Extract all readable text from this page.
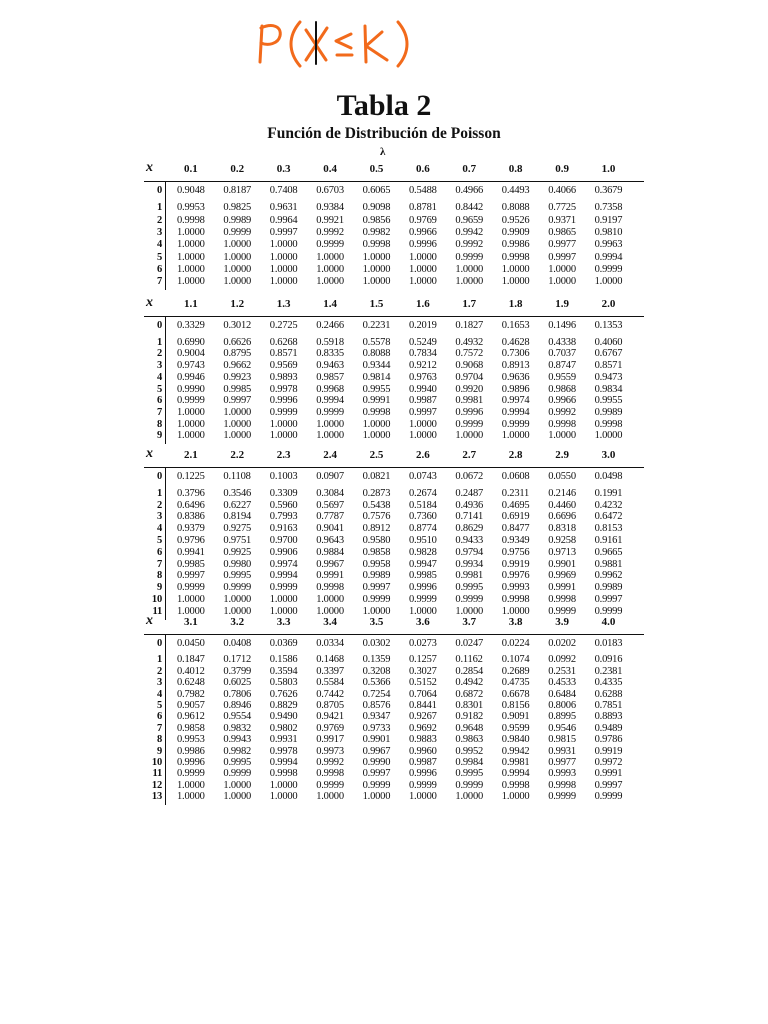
Tabla 2
Función de Distribución de Poisson
λ
x	0.1	0.2	0.3	0.4	0.5	0.6	0.7	0.8	0.9	1.0
0 0.9048 0.8187 0.7408 0.6703 0.6065 0.5488 0.4966 0.4493 0.4066 0.3679
1 0.9953 0.9825 0.9631 0.9384 0.9098 0.8781 0.8442 0.8088 0.7725 0.7358
2 0.9998 0.9989 0.9964 0.9921 0.9856 0.9769 0.9659 0.9526 0.9371 0.9197
3 1.0000 0.9999 0.9997 0.9992 0.9982 0.9966 0.9942 0.9909 0.9865 0.9810
4 1.0000 1.0000 1.0000 0.9999 0.9998 0.9996 0.9992 0.9986 0.9977 0.9963
5 1.0000 1.0000 1.0000 1.0000 1.0000 1.0000 0.9999 0.9998 0.9997 0.9994
6 1.0000 1.0000 1.0000 1.0000 1.0000 1.0000 1.0000 1.0000 1.0000 0.9999
7 1.0000 1.0000 1.0000 1.0000 1.0000 1.0000 1.0000 1.0000 1.0000 1.0000
x	1.1	1.2	1.3	1.4	1.5	1.6	1.7	1.8	1.9	2.0
0 0.3329 0.3012 0.2725 0.2466 0.2231 0.2019 0.1827 0.1653 0.1496 0.1353
1 0.6990 0.6626 0.6268 0.5918 0.5578 0.5249 0.4932 0.4628 0.4338 0.4060
2 0.9004 0.8795 0.8571 0.8335 0.8088 0.7834 0.7572 0.7306 0.7037 0.6767
3 0.9743 0.9662 0.9569 0.9463 0.9344 0.9212 0.9068 0.8913 0.8747 0.8571
4 0.9946 0.9923 0.9893 0.9857 0.9814 0.9763 0.9704 0.9636 0.9559 0.9473
5 0.9990 0.9985 0.9978 0.9968 0.9955 0.9940 0.9920 0.9896 0.9868 0.9834
6 0.9999 0.9997 0.9996 0.9994 0.9991 0.9987 0.9981 0.9974 0.9966 0.9955
7 1.0000 1.0000 0.9999 0.9999 0.9998 0.9997 0.9996 0.9994 0.9992 0.9989
8 1.0000 1.0000 1.0000 1.0000 1.0000 1.0000 0.9999 0.9999 0.9998 0.9998
9 1.0000 1.0000 1.0000 1.0000 1.0000 1.0000 1.0000 1.0000 1.0000 1.0000
x	2.1	2.2	2.3	2.4	2.5	2.6	2.7	2.8	2.9	3.0
0 0.1225 0.1108 0.1003 0.0907 0.0821 0.0743 0.0672 0.0608 0.0550 0.0498
1 0.3796 0.3546 0.3309 0.3084 0.2873 0.2674 0.2487 0.2311 0.2146 0.1991
2 0.6496 0.6227 0.5960 0.5697 0.5438 0.5184 0.4936 0.4695 0.4460 0.4232
3 0.8386 0.8194 0.7993 0.7787 0.7576 0.7360 0.7141 0.6919 0.6696 0.6472
4 0.9379 0.9275 0.9163 0.9041 0.8912 0.8774 0.8629 0.8477 0.8318 0.8153
5 0.9796 0.9751 0.9700 0.9643 0.9580 0.9510 0.9433 0.9349 0.9258 0.9161
6 0.9941 0.9925 0.9906 0.9884 0.9858 0.9828 0.9794 0.9756 0.9713 0.9665
7 0.9985 0.9980 0.9974 0.9967 0.9958 0.9947 0.9934 0.9919 0.9901 0.9881
8 0.9997 0.9995 0.9994 0.9991 0.9989 0.9985 0.9981 0.9976 0.9969 0.9962
9 0.9999 0.9999 0.9999 0.9998 0.9997 0.9996 0.9995 0.9993 0.9991 0.9989
10 1.0000 1.0000 1.0000 1.0000 0.9999 0.9999 0.9999 0.9998 0.9998 0.9997
11 1.0000 1.0000 1.0000 1.0000 1.0000 1.0000 1.0000 1.0000 0.9999 0.9999
x	3.1	3.2	3.3	3.4	3.5	3.6	3.7	3.8	3.9	4.0
0 0.0450 0.0408 0.0369 0.0334 0.0302 0.0273 0.0247 0.0224 0.0202 0.0183
1 0.1847 0.1712 0.1586 0.1468 0.1359 0.1257 0.1162 0.1074 0.0992 0.0916
2 0.4012 0.3799 0.3594 0.3397 0.3208 0.3027 0.2854 0.2689 0.2531 0.2381
3 0.6248 0.6025 0.5803 0.5584 0.5366 0.5152 0.4942 0.4735 0.4533 0.4335
4 0.7982 0.7806 0.7626 0.7442 0.7254 0.7064 0.6872 0.6678 0.6484 0.6288
5 0.9057 0.8946 0.8829 0.8705 0.8576 0.8441 0.8301 0.8156 0.8006 0.7851
6 0.9612 0.9554 0.9490 0.9421 0.9347 0.9267 0.9182 0.9091 0.8995 0.8893
7 0.9858 0.9832 0.9802 0.9769 0.9733 0.9692 0.9648 0.9599 0.9546 0.9489
8 0.9953 0.9943 0.9931 0.9917 0.9901 0.9883 0.9863 0.9840 0.9815 0.9786
9 0.9986 0.9982 0.9978 0.9973 0.9967 0.9960 0.9952 0.9942 0.9931 0.9919
10 0.9996 0.9995 0.9994 0.9992 0.9990 0.9987 0.9984 0.9981 0.9977 0.9972
11 0.9999 0.9999 0.9998 0.9998 0.9997 0.9996 0.9995 0.9994 0.9993 0.9991
12 1.0000 1.0000 1.0000 0.9999 0.9999 0.9999 0.9999 0.9998 0.9998 0.9997
13 1.0000 1.0000 1.0000 1.0000 1.0000 1.0000 1.0000 1.0000 0.9999 0.9999
